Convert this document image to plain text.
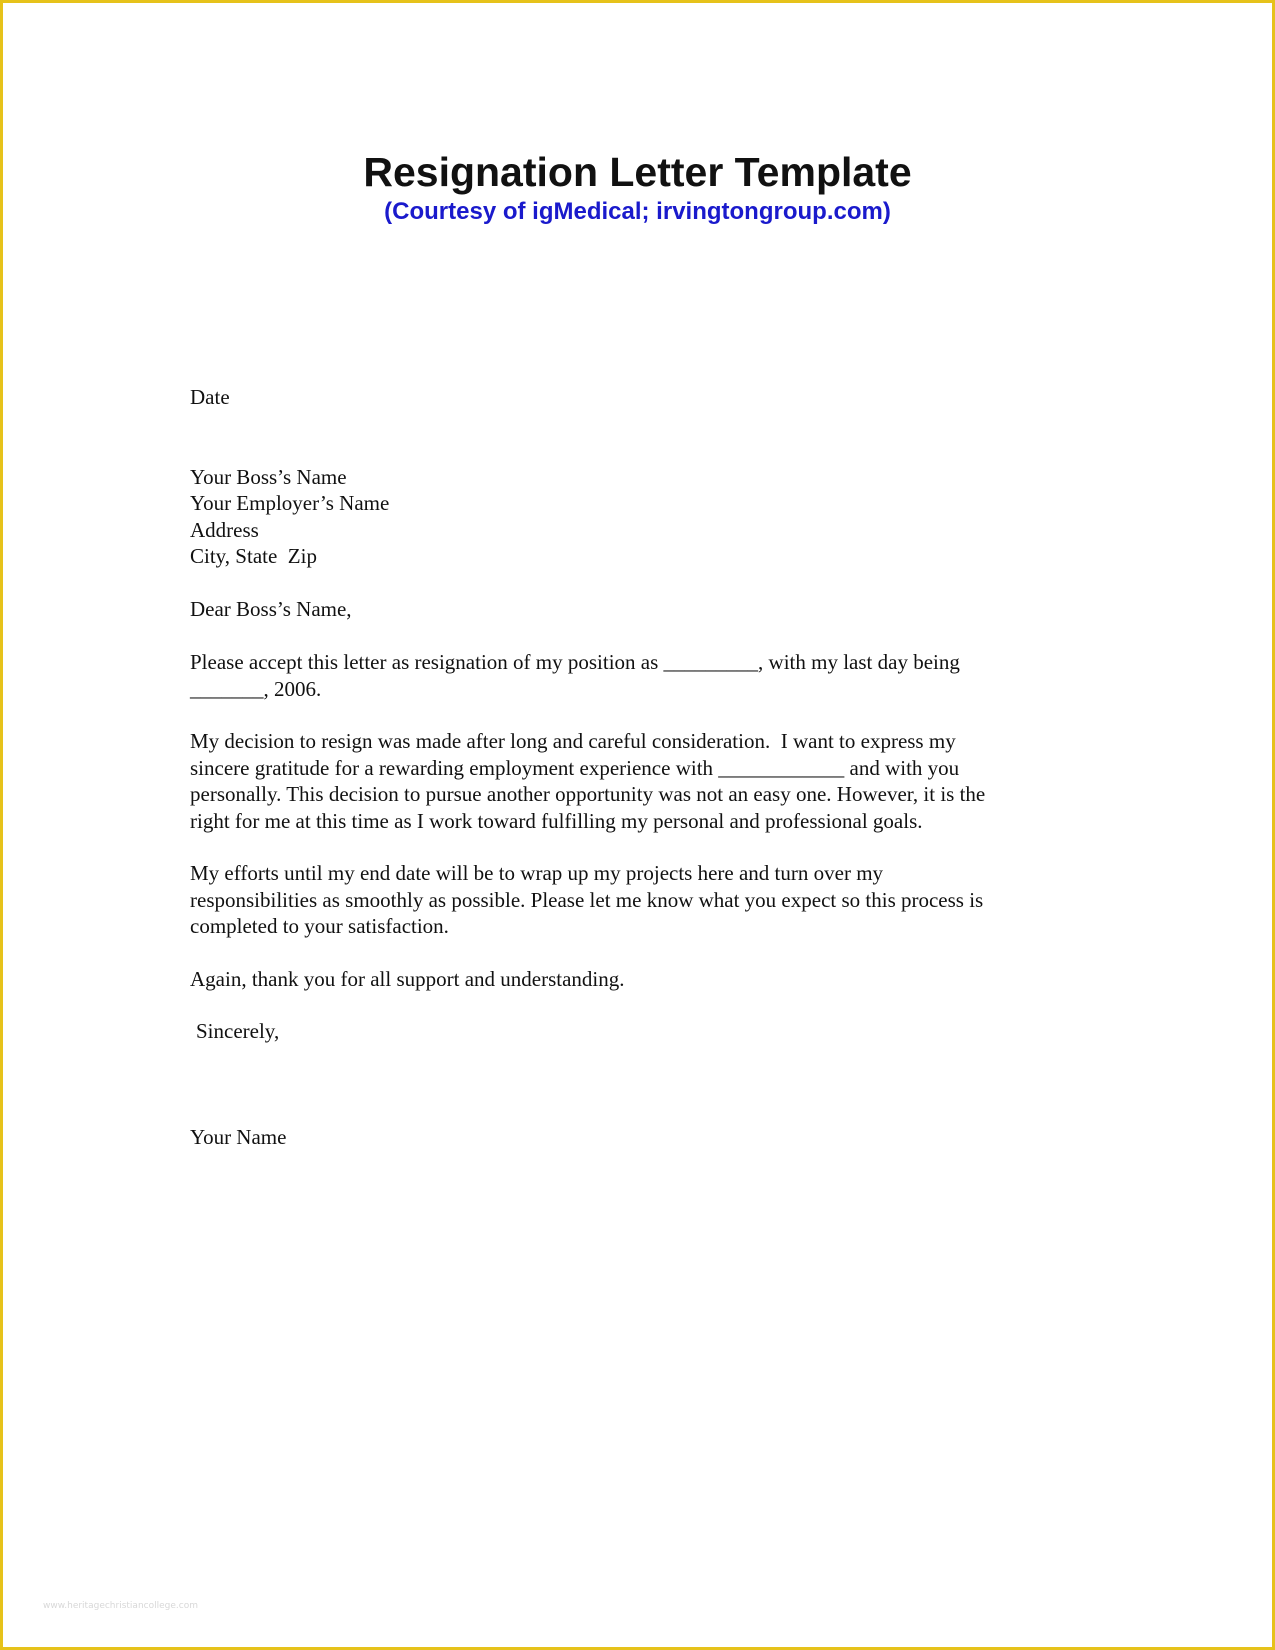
Resignation Letter Template
(Courtesy of igMedical; irvingtongroup.com)

Date

Your Boss’s Name

Your Employer’s Name

Address

City, State  Zip

Dear Boss’s Name,

Please accept this letter as resignation of my position as _________, with my last day being

_______, 2006.

My decision to resign was made after long and careful consideration.  I want to express my

sincere gratitude for a rewarding employment experience with ____________ and with you

personally. This decision to pursue another opportunity was not an easy one. However, it is the

right for me at this time as I work toward fulfilling my personal and professional goals.

My efforts until my end date will be to wrap up my projects here and turn over my

responsibilities as smoothly as possible. Please let me know what you expect so this process is

completed to your satisfaction.

Again, thank you for all support and understanding.

Sincerely,

Your Name

www.heritagechristiancollege.com
